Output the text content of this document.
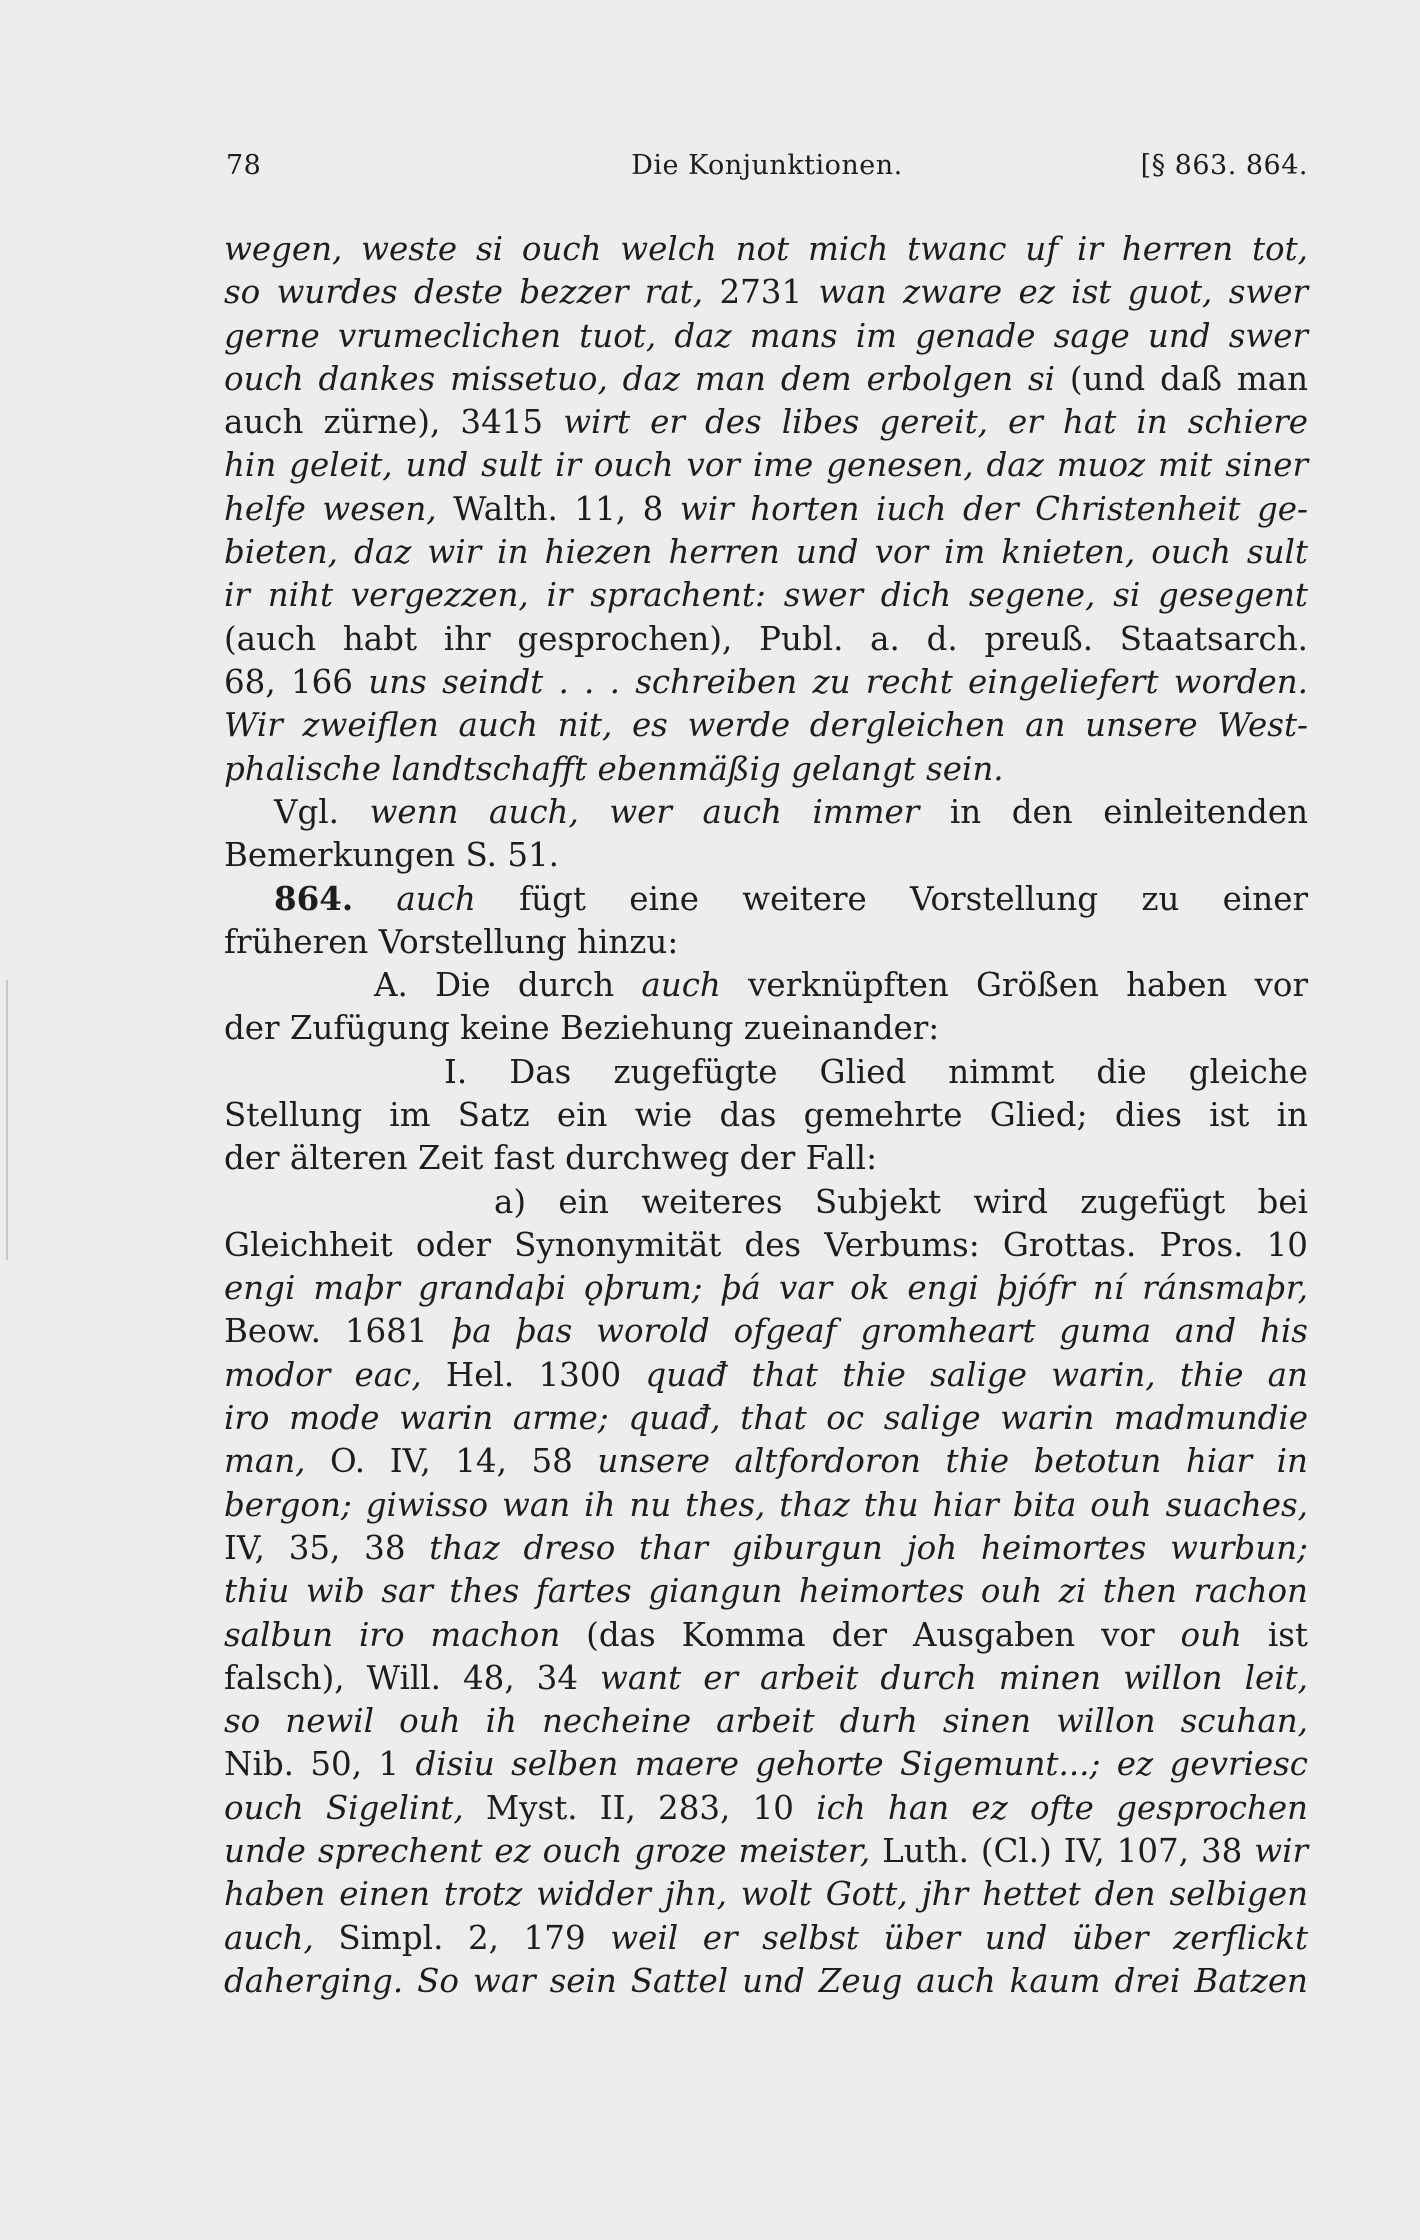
78	Die Konjunktionen.	[§ 863. 864.
wegen, weste si ouch welch not mich twanc uf ir herren tot,
so wurdes deste bezzer rat, 2731 wan zware ez ist guot, swer
gerne vrumeclichen tuot, daz mans im genade sage und swer
ouch dankes missetuo, daz man dem erbolgen si (und daß man
auch zürne), 3415 wirt er des libes gereit, er hat in schiere
hin geleit, und sult ir ouch vor ime genesen, daz muoz mit siner
helfe wesen, Walth. 11, 8 wir horten iuch der Christenheit ge-
bieten, daz wir in hiezen herren und vor im knieten, ouch sult
ir niht vergezzen, ir sprachent: swer dich segene, si gesegent
(auch habt ihr gesprochen), Publ. a. d. preuß. Staatsarch.
68, 166 uns seindt . . . schreiben zu recht eingeliefert worden.
Wir zweiflen auch nit, es werde dergleichen an unsere West-
phalische landtschafft ebenmäßig gelangt sein.
Vgl. wenn auch, wer auch immer in den einleitenden
Bemerkungen S. 51.
864. auch fügt eine weitere Vorstellung zu einer
früheren Vorstellung hinzu:
A. Die durch auch verknüpften Größen haben vor
der Zufügung keine Beziehung zueinander:
I. Das zugefügte Glied nimmt die gleiche
Stellung im Satz ein wie das gemehrte Glied; dies ist in
der älteren Zeit fast durchweg der Fall:
a) ein weiteres Subjekt wird zugefügt bei
Gleichheit oder Synonymität des Verbums: Grottas. Pros. 10
engi maþr grandaþi ǫþrum; þá var ok engi þjófr ní ránsmaþr,
Beow. 1681 þa þas worold ofgeaf gromheart guma and his
modor eac, Hel. 1300 quađ that thie salige warin, thie an
iro mode warin arme; quađ, that oc salige warin madmundie
man, O. IV, 14, 58 unsere altfordoron thie betotun hiar in
bergon; giwisso wan ih nu thes, thaz thu hiar bita ouh suaches,
IV, 35, 38 thaz dreso thar giburgun joh heimortes wurbun;
thiu wib sar thes fartes giangun heimortes ouh zi then rachon
salbun iro machon (das Komma der Ausgaben vor ouh ist
falsch), Will. 48, 34 want er arbeit durch minen willon leit,
so newil ouh ih necheine arbeit durh sinen willon scuhan,
Nib. 50, 1 disiu selben maere gehorte Sigemunt...; ez gevriesc
ouch Sigelint, Myst. II, 283, 10 ich han ez ofte gesprochen
unde sprechent ez ouch groze meister, Luth. (Cl.) IV, 107, 38 wir
haben einen trotz widder jhn, wolt Gott, jhr hettet den selbigen
auch, Simpl. 2, 179 weil er selbst über und über zerflickt
daherging. So war sein Sattel und Zeug auch kaum drei Batzen
